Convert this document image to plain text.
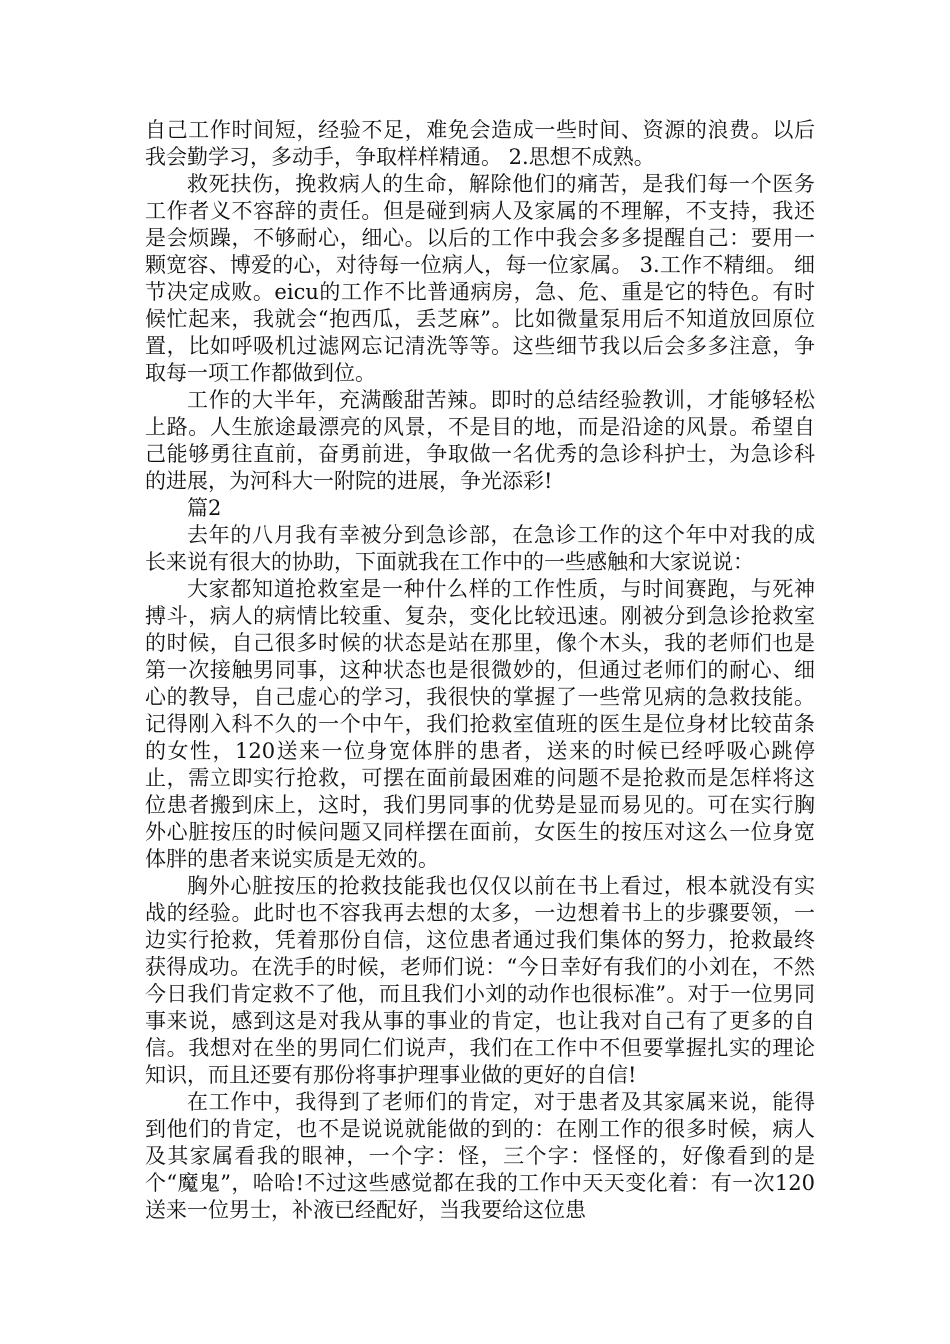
自己工作时间短，经验不足，难免会造成一些时间、资源的浪费。以后我会勤学习，多动手，争取样样精通。 2.思想不成熟。

救死扶伤，挽救病人的生命，解除他们的痛苦，是我们每一个医务工作者义不容辞的责任。但是碰到病人及家属的不理解，不支持，我还是会烦躁，不够耐心，细心。以后的工作中我会多多提醒自己：要用一颗宽容、博爱的心，对待每一位病人，每一位家属。 3.工作不精细。 细节决定成败。eicu的工作不比普通病房，急、危、重是它的特色。有时候忙起来，我就会“抱西瓜，丢芝麻”。比如微量泵用后不知道放回原位置，比如呼吸机过滤网忘记清洗等等。这些细节我以后会多多注意，争取每一项工作都做到位。

工作的大半年，充满酸甜苦辣。即时的总结经验教训，才能够轻松上路。人生旅途最漂亮的风景，不是目的地，而是沿途的风景。希望自己能够勇往直前，奋勇前进，争取做一名优秀的急诊科护士，为急诊科的进展，为河科大一附院的进展，争光添彩!

篇2

去年的八月我有幸被分到急诊部，在急诊工作的这个年中对我的成长来说有很大的协助，下面就我在工作中的一些感触和大家说说：

大家都知道抢救室是一种什么样的工作性质，与时间赛跑，与死神搏斗，病人的病情比较重、复杂，变化比较迅速。刚被分到急诊抢救室的时候，自己很多时候的状态是站在那里，像个木头，我的老师们也是第一次接触男同事，这种状态也是很微妙的，但通过老师们的耐心、细心的教导，自己虚心的学习，我很快的掌握了一些常见病的急救技能。记得刚入科不久的一个中午，我们抢救室值班的医生是位身材比较苗条的女性，120送来一位身宽体胖的患者，送来的时候已经呼吸心跳停止，需立即实行抢救，可摆在面前最困难的问题不是抢救而是怎样将这位患者搬到床上，这时，我们男同事的优势是显而易见的。可在实行胸外心脏按压的时候问题又同样摆在面前，女医生的按压对这么一位身宽体胖的患者来说实质是无效的。

胸外心脏按压的抢救技能我也仅仅以前在书上看过，根本就没有实战的经验。此时也不容我再去想的太多，一边想着书上的步骤要领，一边实行抢救，凭着那份自信，这位患者通过我们集体的努力，抢救最终获得成功。在洗手的时候，老师们说：“今日幸好有我们的小刘在，不然今日我们肯定救不了他，而且我们小刘的动作也很标准”。对于一位男同事来说，感到这是对我从事的事业的肯定，也让我对自己有了更多的自信。我想对在坐的男同仁们说声，我们在工作中不但要掌握扎实的理论知识，而且还要有那份将事护理事业做的更好的自信!

在工作中，我得到了老师们的肯定，对于患者及其家属来说，能得到他们的肯定，也不是说说就能做的到的：在刚工作的很多时候，病人及其家属看我的眼神，一个字：怪，三个字：怪怪的，好像看到的是个“魔鬼”，哈哈!不过这些感觉都在我的工作中天天变化着：有一次120送来一位男士，补液已经配好，当我要给这位患
